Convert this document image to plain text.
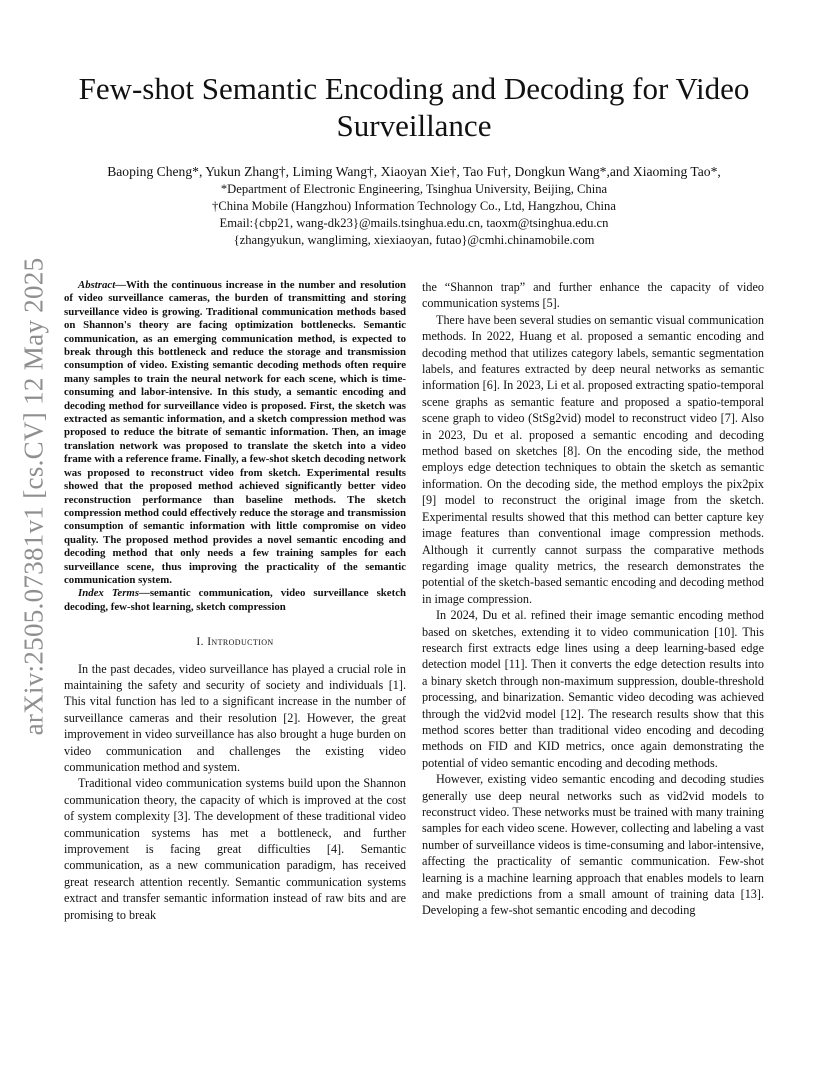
arXiv:2505.07381v1 [cs.CV] 12 May 2025
Few-shot Semantic Encoding and Decoding for Video Surveillance
Baoping Cheng*, Yukun Zhang†, Liming Wang†, Xiaoyan Xie†, Tao Fu†, Dongkun Wang*,and Xiaoming Tao*,
*Department of Electronic Engineering, Tsinghua University, Beijing, China
†China Mobile (Hangzhou) Information Technology Co., Ltd, Hangzhou, China
Email:{cbp21, wang-dk23}@mails.tsinghua.edu.cn, taoxm@tsinghua.edu.cn
{zhangyukun, wangliming, xiexiaoyan, futao}@cmhi.chinamobile.com

Abstract—With the continuous increase in the number and resolution of video surveillance cameras, the burden of transmitting and storing surveillance video is growing. Traditional communication methods based on Shannon's theory are facing optimization bottlenecks. Semantic communication, as an emerging communication method, is expected to break through this bottleneck and reduce the storage and transmission consumption of video. Existing semantic decoding methods often require many samples to train the neural network for each scene, which is time-consuming and labor-intensive. In this study, a semantic encoding and decoding method for surveillance video is proposed. First, the sketch was extracted as semantic information, and a sketch compression method was proposed to reduce the bitrate of semantic information. Then, an image translation network was proposed to translate the sketch into a video frame with a reference frame. Finally, a few-shot sketch decoding network was proposed to reconstruct video from sketch. Experimental results showed that the proposed method achieved significantly better video reconstruction performance than baseline methods. The sketch compression method could effectively reduce the storage and transmission consumption of semantic information with little compromise on video quality. The proposed method provides a novel semantic encoding and decoding method that only needs a few training samples for each surveillance scene, thus improving the practicality of the semantic communication system.

Index Terms—semantic communication, video surveillance sketch decoding, few-shot learning, sketch compression

I. Introduction

In the past decades, video surveillance has played a crucial role in maintaining the safety and security of society and individuals [1]. This vital function has led to a significant increase in the number of surveillance cameras and their resolution [2]. However, the great improvement in video surveillance has also brought a huge burden on video communication and challenges the existing video communication method and system.

Traditional video communication systems build upon the Shannon communication theory, the capacity of which is improved at the cost of system complexity [3]. The development of these traditional video communication systems has met a bottleneck, and further improvement is facing great difficulties [4]. Semantic communication, as a new communication paradigm, has received great research attention recently. Semantic communication systems extract and transfer semantic information instead of raw bits and are promising to break

the “Shannon trap” and further enhance the capacity of video communication systems [5].

There have been several studies on semantic visual communication methods. In 2022, Huang et al. proposed a semantic encoding and decoding method that utilizes category labels, semantic segmentation labels, and features extracted by deep neural networks as semantic information [6]. In 2023, Li et al. proposed extracting spatio-temporal scene graphs as semantic feature and proposed a spatio-temporal scene graph to video (StSg2vid) model to reconstruct video [7]. Also in 2023, Du et al. proposed a semantic encoding and decoding method based on sketches [8]. On the encoding side, the method employs edge detection techniques to obtain the sketch as semantic information. On the decoding side, the method employs the pix2pix [9] model to reconstruct the original image from the sketch. Experimental results showed that this method can better capture key image features than conventional image compression methods. Although it currently cannot surpass the comparative methods regarding image quality metrics, the research demonstrates the potential of the sketch-based semantic encoding and decoding method in image compression.

In 2024, Du et al. refined their image semantic encoding method based on sketches, extending it to video communication [10]. This research first extracts edge lines using a deep learning-based edge detection model [11]. Then it converts the edge detection results into a binary sketch through non-maximum suppression, double-threshold processing, and binarization. Semantic video decoding was achieved through the vid2vid model [12]. The research results show that this method scores better than traditional video encoding and decoding methods on FID and KID metrics, once again demonstrating the potential of video semantic encoding and decoding methods.

However, existing video semantic encoding and decoding studies generally use deep neural networks such as vid2vid models to reconstruct video. These networks must be trained with many training samples for each video scene. However, collecting and labeling a vast number of surveillance videos is time-consuming and labor-intensive, affecting the practicality of semantic communication. Few-shot learning is a machine learning approach that enables models to learn and make predictions from a small amount of training data [13]. Developing a few-shot semantic encoding and decoding
